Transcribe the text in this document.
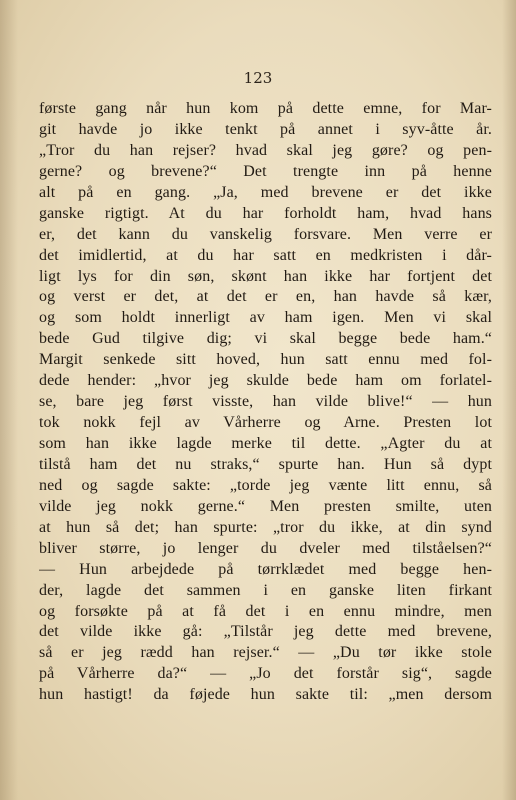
123
første gang når hun kom på dette emne, for Mar-
git havde jo ikke tenkt på annet i syv-åtte år.
„Tror du han rejser? hvad skal jeg gøre? og pen-
gerne? og brevene?“ Det trengte inn på henne
alt på en gang. „Ja, med brevene er det ikke
ganske rigtigt. At du har forholdt ham, hvad hans
er, det kann du vanskelig forsvare. Men verre er
det imidlertid, at du har satt en medkristen i dår-
ligt lys for din søn, skønt han ikke har fortjent det
og verst er det, at det er en, han havde så kær,
og som holdt innerligt av ham igen. Men vi skal
bede Gud tilgive dig; vi skal begge bede ham.“
Margit senkede sitt hoved, hun satt ennu med fol-
dede hender: „hvor jeg skulde bede ham om forlatel-
se, bare jeg først visste, han vilde blive!“ — hun
tok nokk fejl av Vårherre og Arne. Presten lot
som han ikke lagde merke til dette. „Agter du at
tilstå ham det nu straks,“ spurte han. Hun så dypt
ned og sagde sakte: „torde jeg vænte litt ennu, så
vilde jeg nokk gerne.“ Men presten smilte, uten
at hun så det; han spurte: „tror du ikke, at din synd
bliver større, jo lenger du dveler med tilståelsen?“
— Hun arbejdede på tørrklædet med begge hen-
der, lagde det sammen i en ganske liten firkant
og forsøkte på at få det i en ennu mindre, men
det vilde ikke gå: „Tilstår jeg dette med brevene,
så er jeg rædd han rejser.“ — „Du tør ikke stole
på Vårherre da?“ — „Jo det forstår sig“, sagde
hun hastigt! da føjede hun sakte til: „men dersom
